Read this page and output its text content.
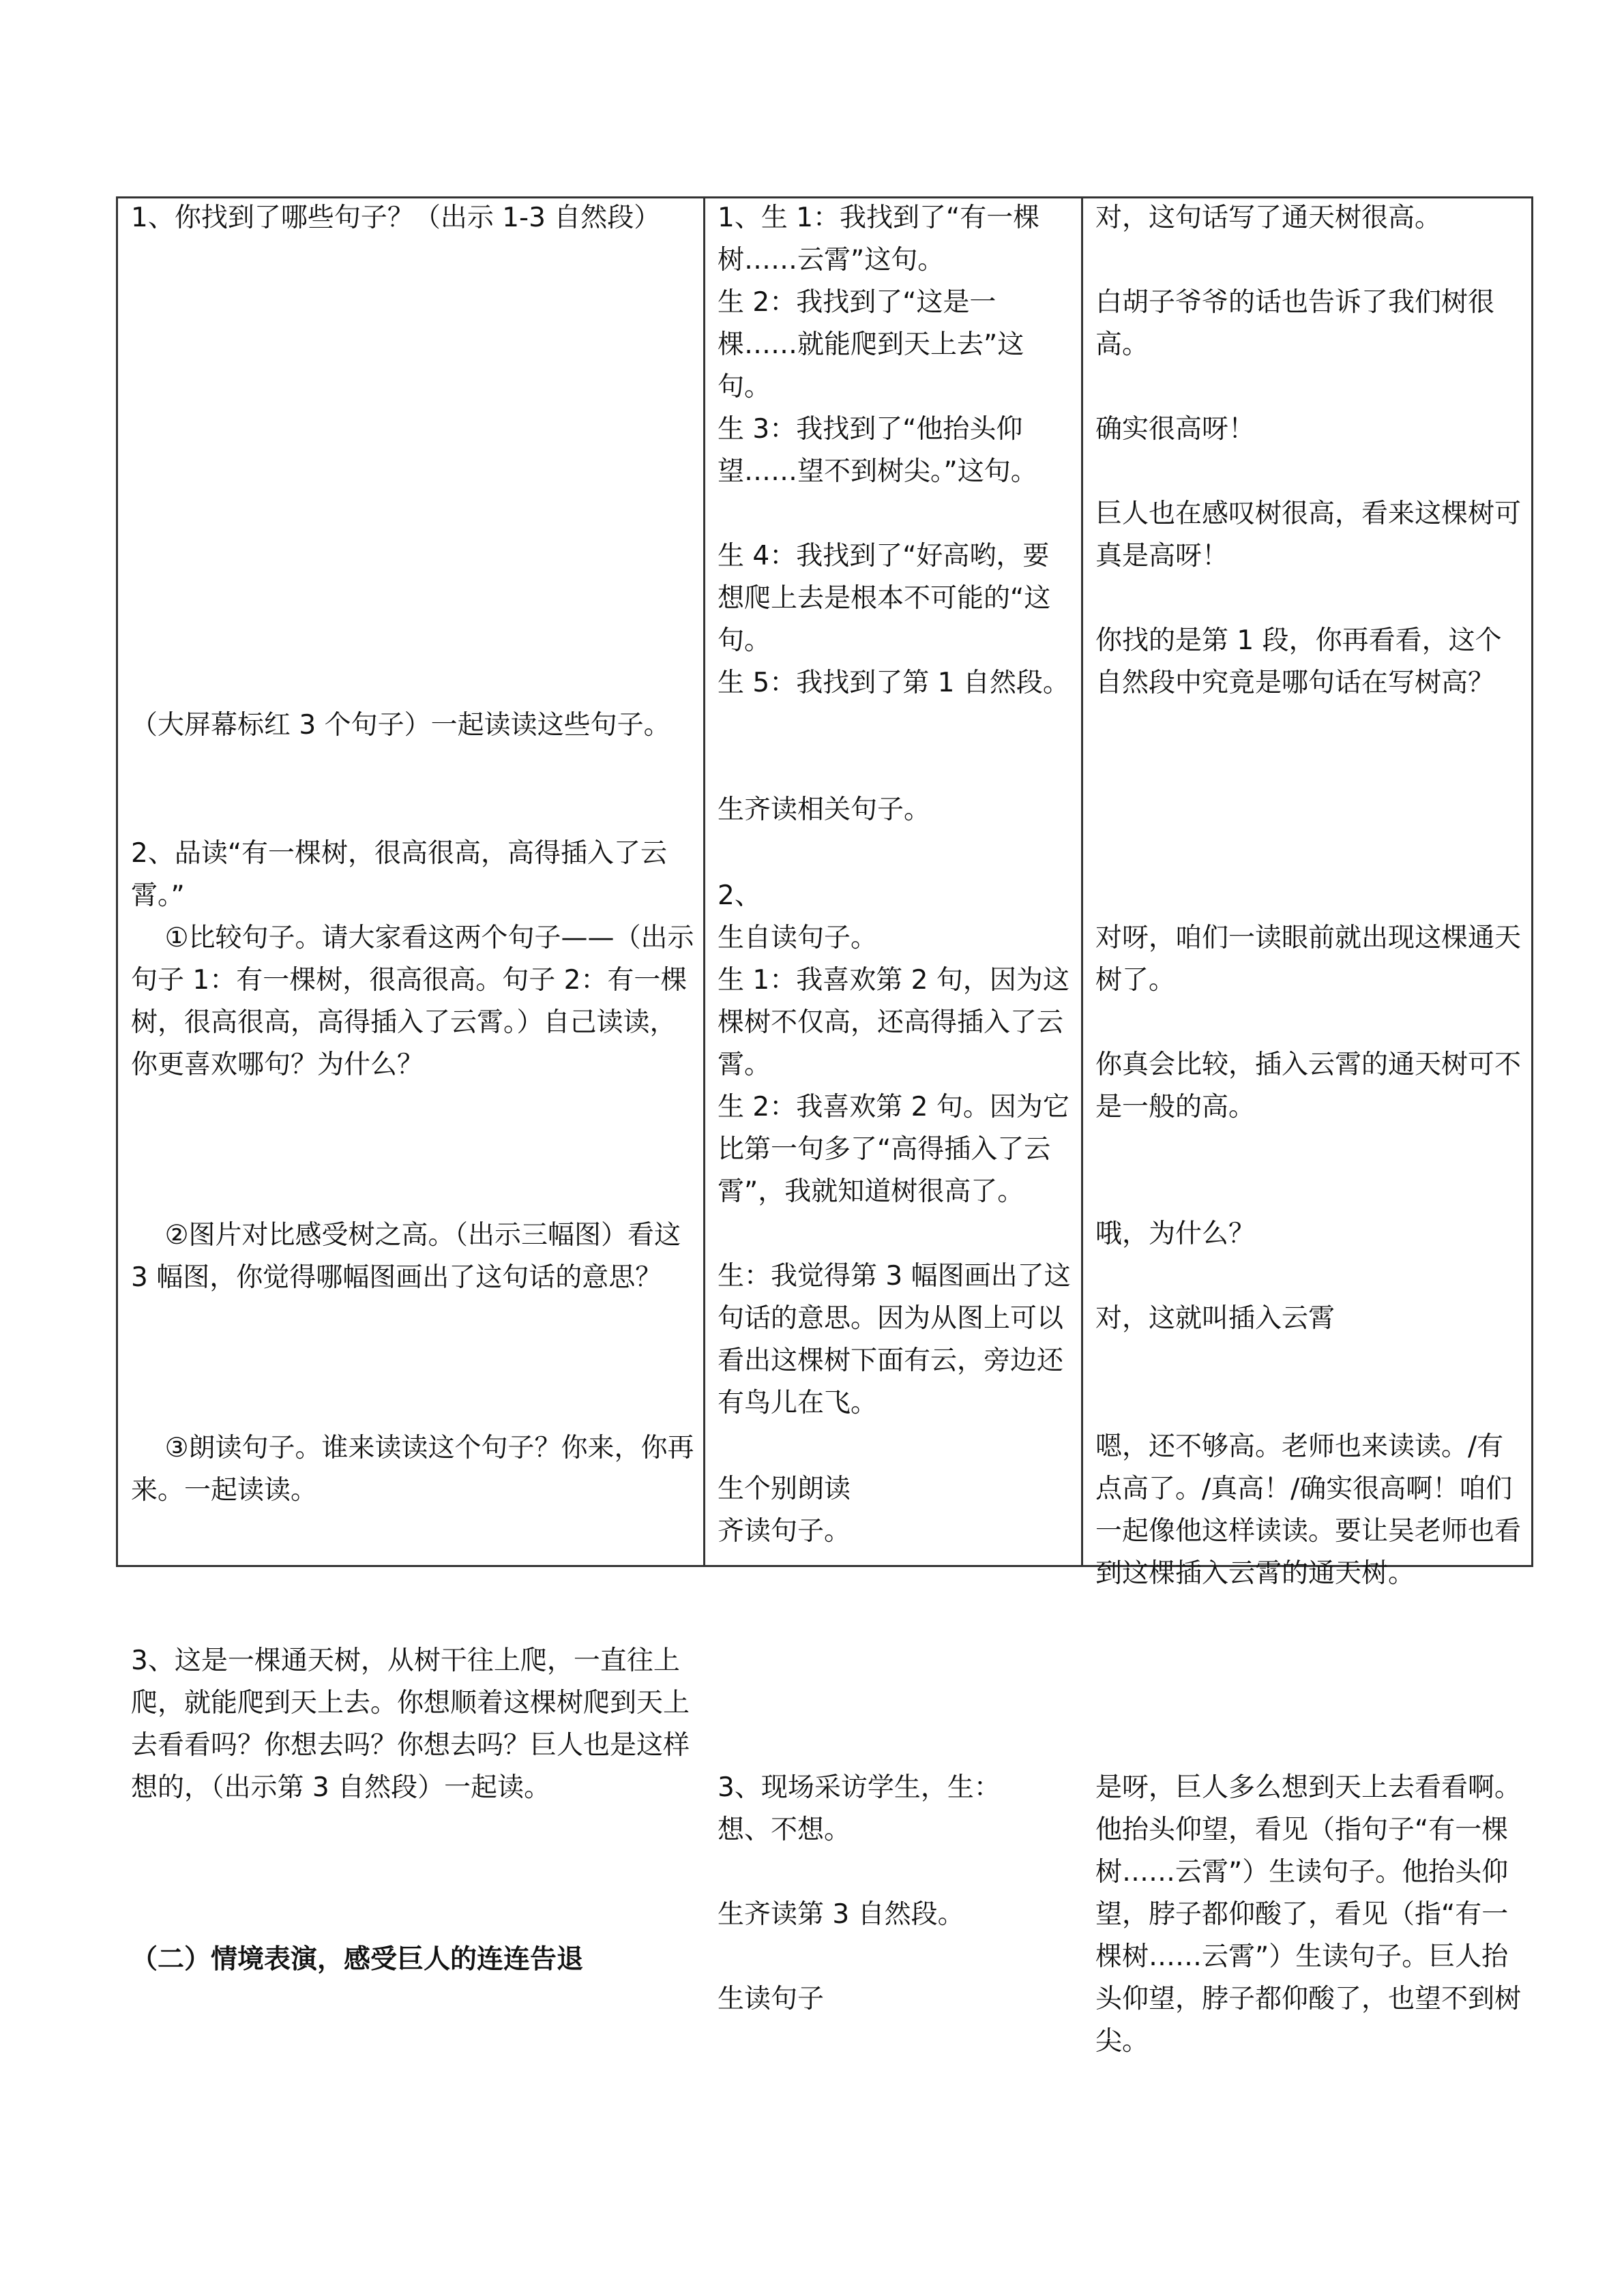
1、你找到了哪些句子？（出示 1-3 自然段）

（大屏幕标红 3 个句子）一起读读这些句子。

2、品读“有一棵树，很高很高，高得插入了云霄。”

①比较句子。请大家看这两个句子——（出示句子 1：有一棵树，很高很高。句子 2：有一棵树，很高很高，高得插入了云霄。）自己读读，你更喜欢哪句？为什么？

②图片对比感受树之高。（出示三幅图）看这 3 幅图，你觉得哪幅图画出了这句话的意思？

③朗读句子。谁来读读这个句子？你来，你再来。一起读读。

3、这是一棵通天树，从树干往上爬，一直往上爬，就能爬到天上去。你想顺着这棵树爬到天上去看看吗？你想去吗？你想去吗？巨人也是这样想的，（出示第 3 自然段）一起读。

（二）情境表演，感受巨人的连连告退

1、生 1：我找到了“有一棵树……云霄”这句。

生 2：我找到了“这是一棵……就能爬到天上去”这句。

生 3：我找到了“他抬头仰望……望不到树尖。”这句。

生 4：我找到了“好高哟，要想爬上去是根本不可能的“这句。

生 5：我找到了第 1 自然段。

生齐读相关句子。

2、

生自读句子。

生 1：我喜欢第 2 句，因为这棵树不仅高，还高得插入了云霄。

生 2：我喜欢第 2 句。因为它比第一句多了“高得插入了云霄”，我就知道树很高了。

生：我觉得第 3 幅图画出了这句话的意思。因为从图上可以看出这棵树下面有云，旁边还有鸟儿在飞。

生个别朗读

齐读句子。

3、现场采访学生，生：

想、不想。

生齐读第 3 自然段。

生读句子

对，这句话写了通天树很高。

白胡子爷爷的话也告诉了我们树很高。

确实很高呀！

巨人也在感叹树很高，看来这棵树可真是高呀！

你找的是第 1 段，你再看看，这个自然段中究竟是哪句话在写树高？

对呀，咱们一读眼前就出现这棵通天树了。

你真会比较，插入云霄的通天树可不是一般的高。

哦，为什么？

对，这就叫插入云霄

嗯，还不够高。老师也来读读。/有点高了。/真高！/确实很高啊！咱们一起像他这样读读。要让吴老师也看到这棵插入云霄的通天树。

是呀，巨人多么想到天上去看看啊。他抬头仰望，看见（指句子“有一棵树……云霄”）生读句子。他抬头仰望，脖子都仰酸了，看见（指“有一棵树……云霄”）生读句子。巨人抬头仰望，脖子都仰酸了，也望不到树尖。
